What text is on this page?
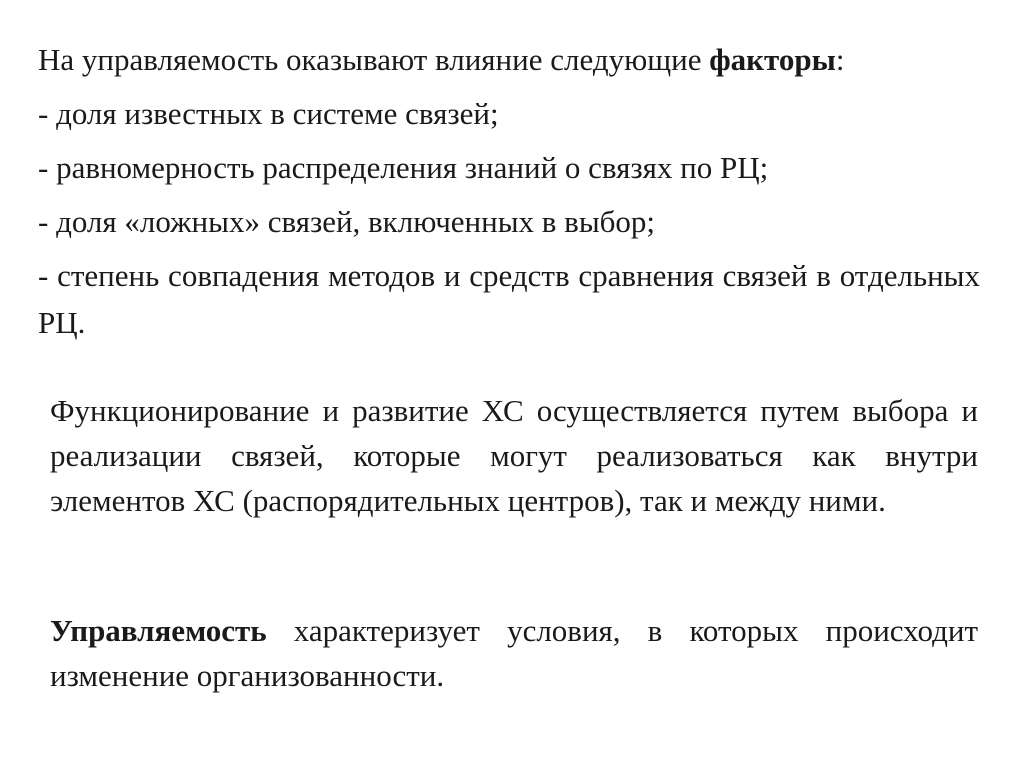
На управляемость оказывают влияние следующие факторы:
- доля известных в системе связей;
- равномерность распределения знаний о связях по РЦ;
- доля «ложных» связей, включенных в выбор;
- степень совпадения методов и средств сравнения связей в отдельных РЦ.

Функционирование и развитие ХС осуществляется путем выбора и реализации связей, которые могут реализоваться как внутри элементов ХС (распорядительных центров), так и между ними.

Управляемость характеризует условия, в которых происходит изменение организованности.
